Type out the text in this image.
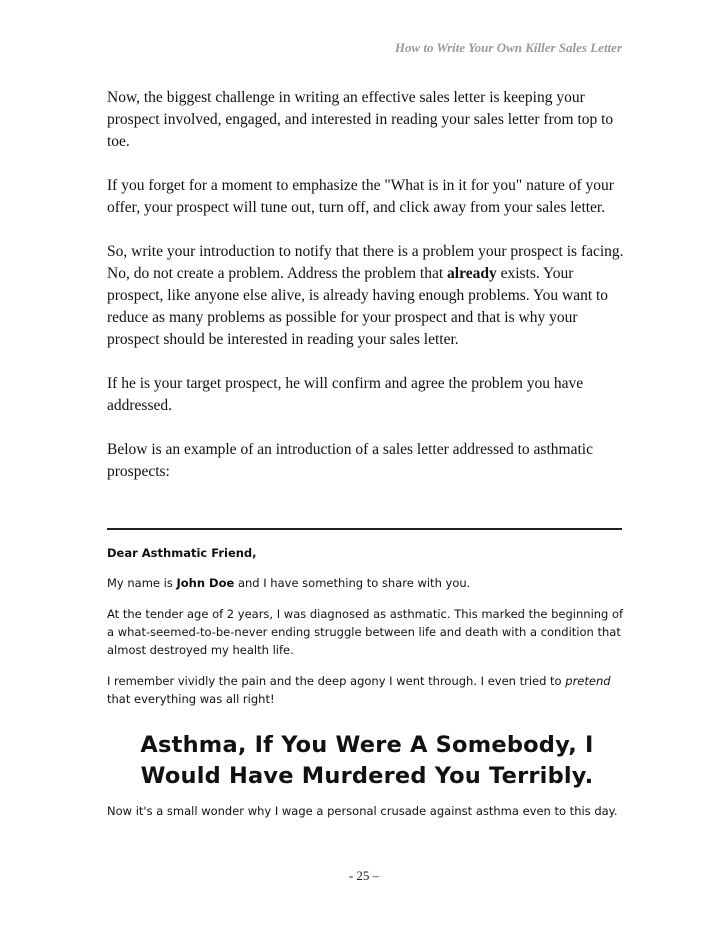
How to Write Your Own Killer Sales Letter

Now, the biggest challenge in writing an effective sales letter is keeping your prospect involved, engaged, and interested in reading your sales letter from top to toe.

If you forget for a moment to emphasize the "What is in it for you" nature of your offer, your prospect will tune out, turn off, and click away from your sales letter.

So, write your introduction to notify that there is a problem your prospect is facing. No, do not create a problem. Address the problem that already exists. Your prospect, like anyone else alive, is already having enough problems. You want to reduce as many problems as possible for your prospect and that is why your prospect should be interested in reading your sales letter.

If he is your target prospect, he will confirm and agree the problem you have addressed.

Below is an example of an introduction of a sales letter addressed to asthmatic prospects:

Dear Asthmatic Friend,

My name is John Doe and I have something to share with you.

At the tender age of 2 years, I was diagnosed as asthmatic. This marked the beginning of a what-seemed-to-be-never ending struggle between life and death with a condition that almost destroyed my health life.

I remember vividly the pain and the deep agony I went through. I even tried to pretend that everything was all right!

Asthma, If You Were A Somebody, I
Would Have Murdered You Terribly.

Now it's a small wonder why I wage a personal crusade against asthma even to this day.

- 25 –
